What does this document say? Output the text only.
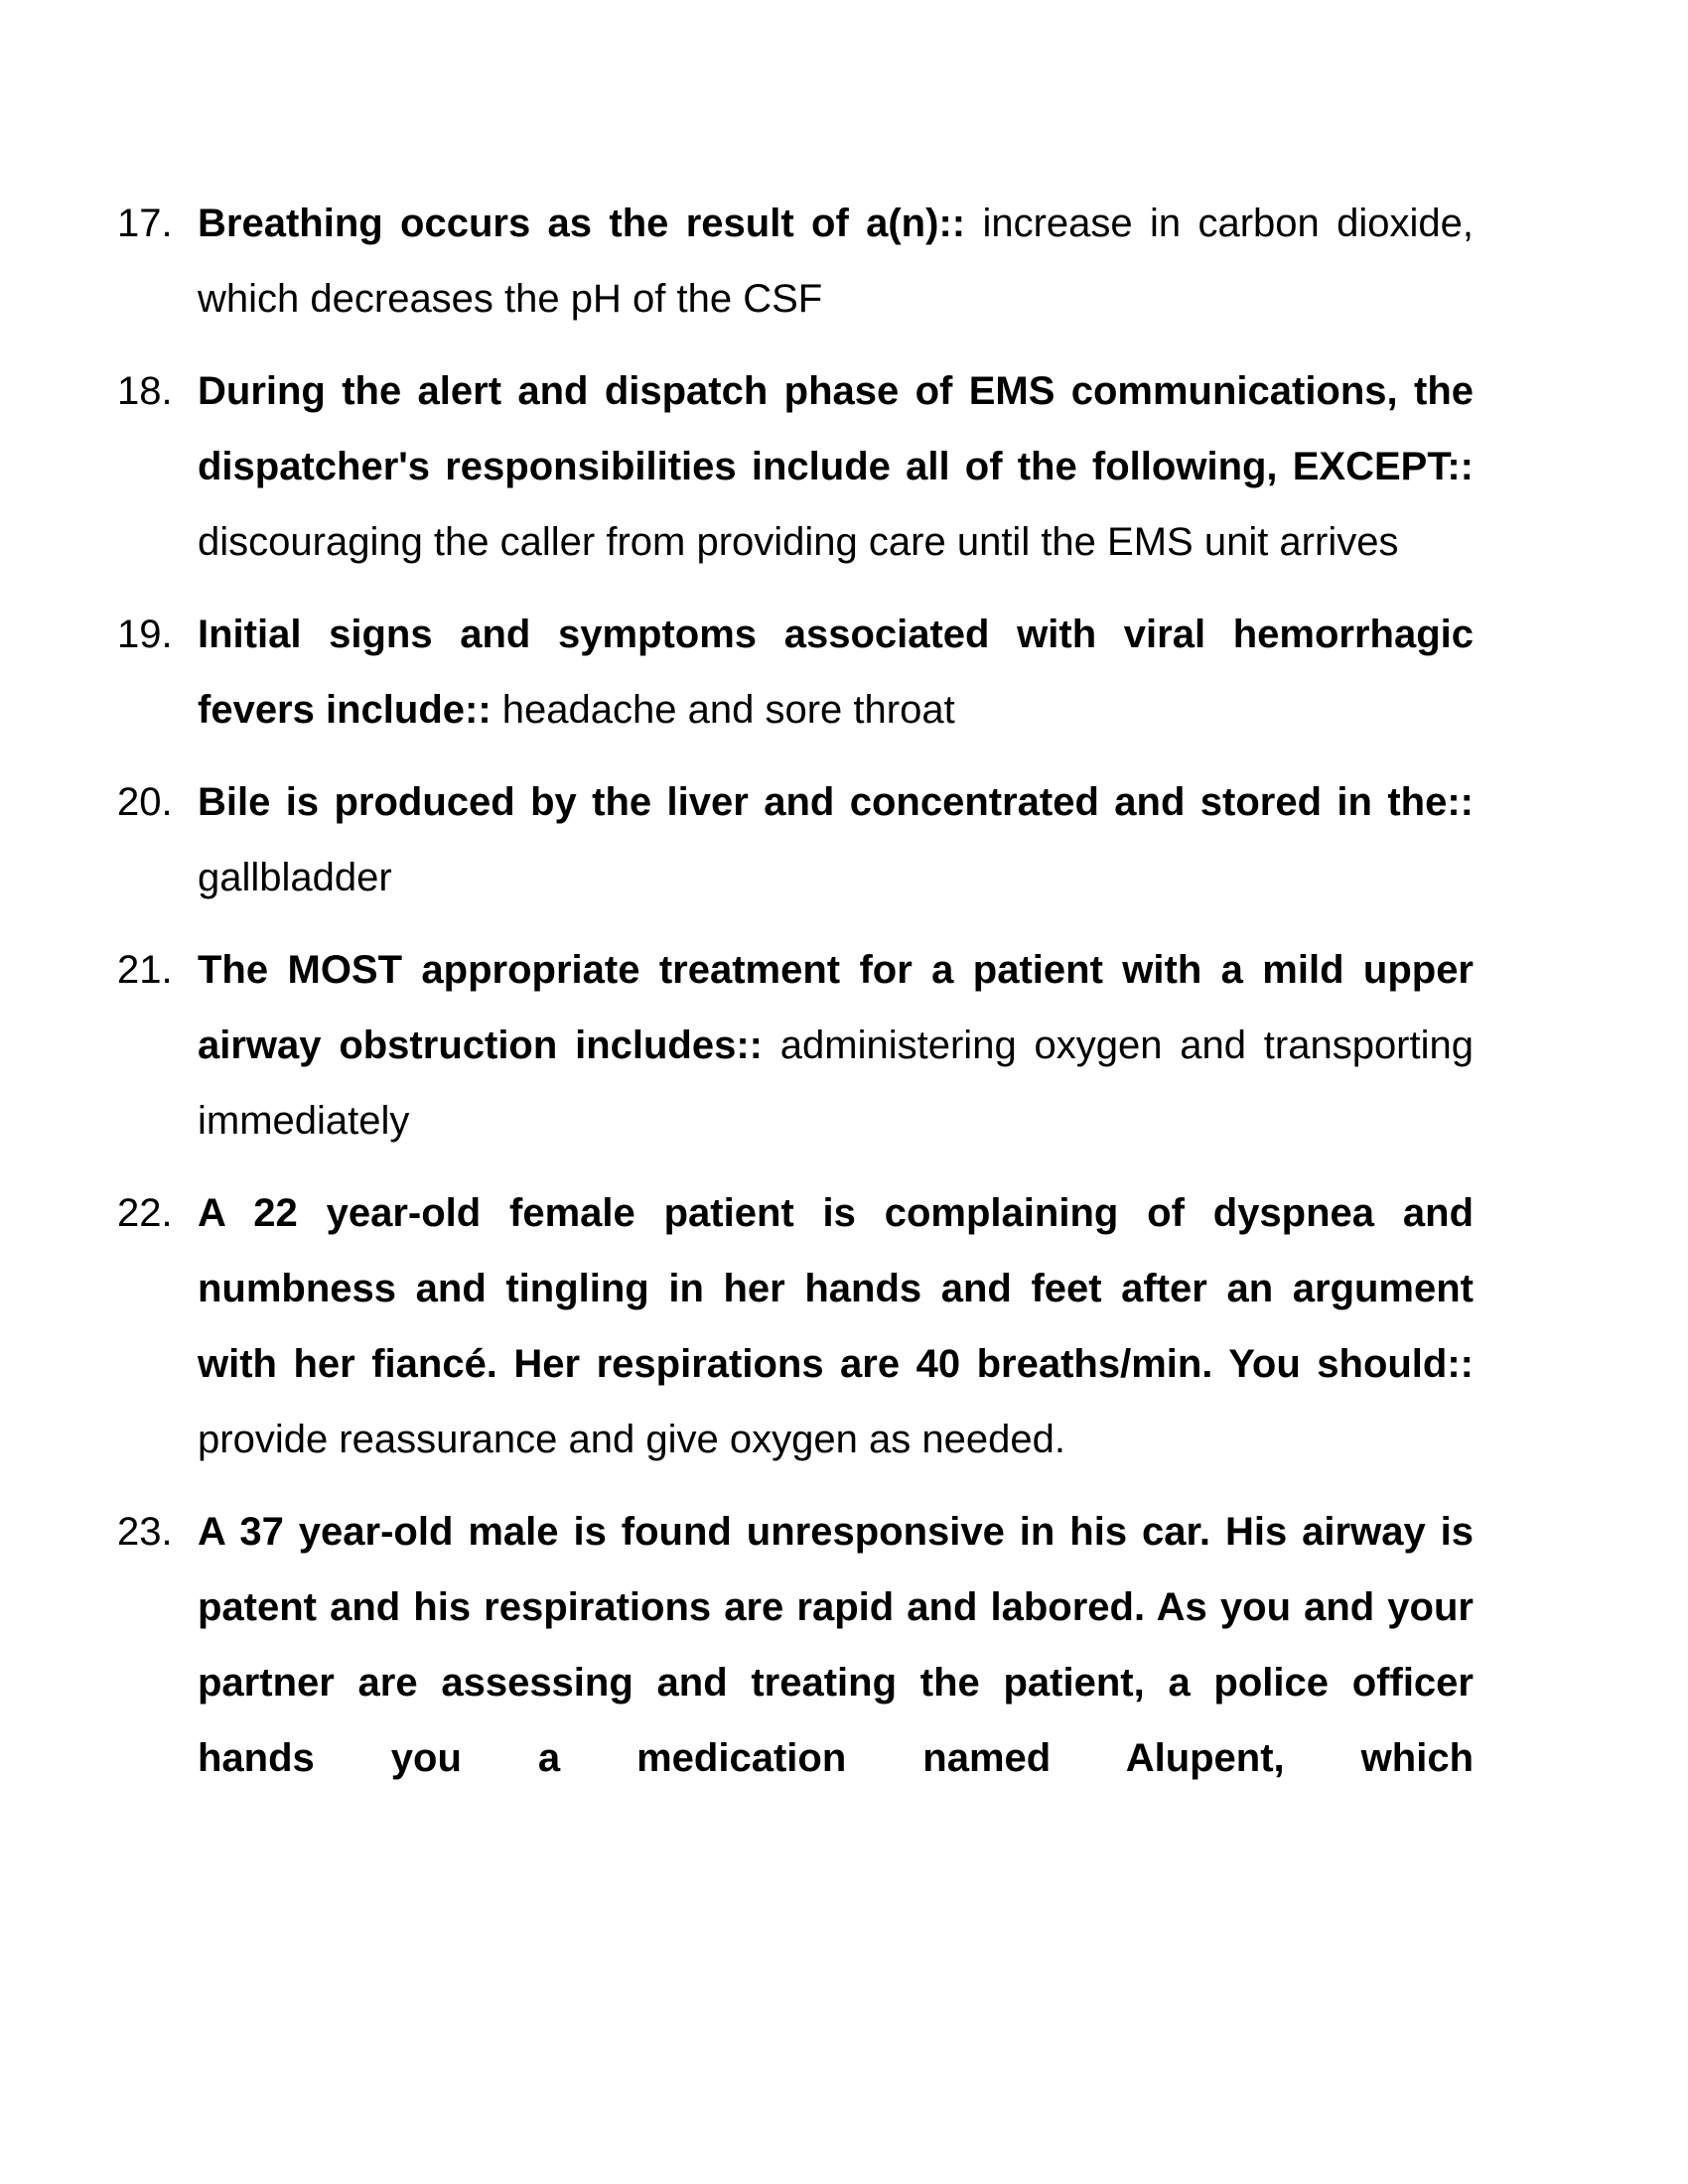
17. Breathing occurs as the result of a(n):: increase in carbon dioxide, which decreases the pH of the CSF
18. During the alert and dispatch phase of EMS communications, the dispatcher's responsibilities include all of the following, EXCEPT:: discouraging the caller from providing care until the EMS unit arrives
19. Initial signs and symptoms associated with viral hemorrhagic fevers include:: headache and sore throat
20. Bile is produced by the liver and concentrated and stored in the:: gallbladder
21. The MOST appropriate treatment for a patient with a mild upper airway obstruction includes:: administering oxygen and transporting immediately
22. A 22 year-old female patient is complaining of dyspnea and numbness and tingling in her hands and feet after an argument with her fiancé. Her respirations are 40 breaths/min. You should:: provide reassurance and give oxygen as needed.
23. A 37 year-old male is found unresponsive in his car. His airway is patent and his respirations are rapid and labored. As you and your partner are assessing and treating the patient, a police officer hands you a medication named Alupent, which
